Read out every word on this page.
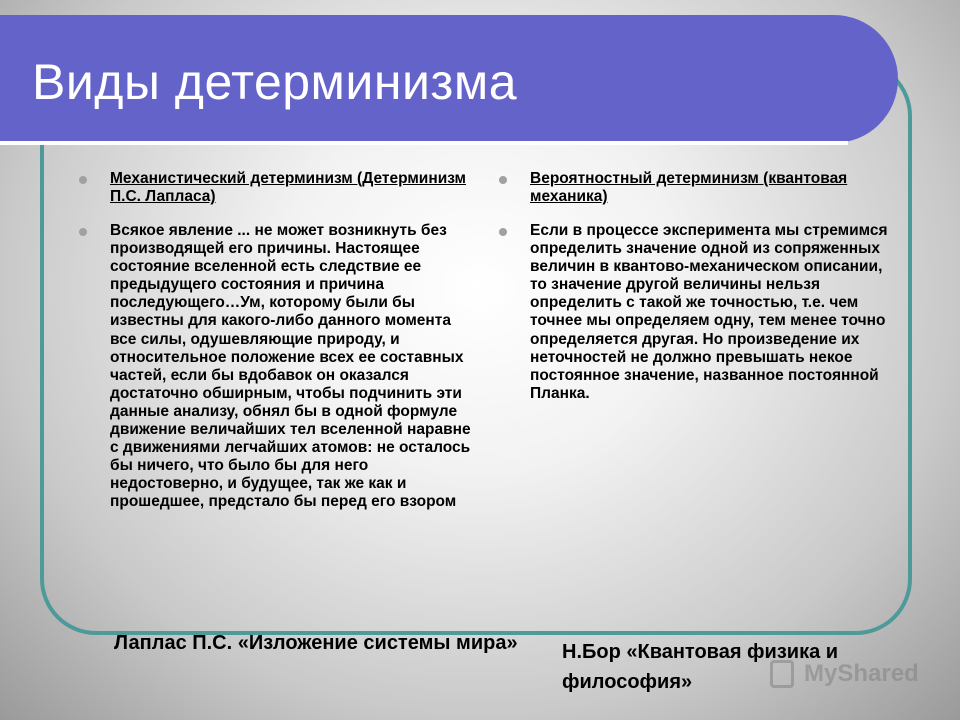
Виды детерминизма
Механистический детерминизм (Детерминизм П.С. Лапласа)
Всякое явление ... не может возникнуть без производящей его причины. Настоящее состояние вселенной есть следствие ее предыдущего состояния и причина последующего…Ум, которому были бы известны для какого-либо данного момента все силы, одушевляющие природу, и относительное положение всех ее составных частей, если бы вдобавок он оказался достаточно обширным, чтобы подчинить эти данные анализу, обнял бы в одной формуле движение величайших тел вселенной наравне с движениями легчайших атомов: не осталось бы ничего, что было бы для него недостоверно, и будущее, так же как и прошедшее, предстало бы перед его взором
Вероятностный детерминизм (квантовая механика)
Если в процессе эксперимента мы стремимся определить значение одной из сопряженных величин в квантово-механическом описании, то значение другой величины нельзя определить с такой же точностью, т.е. чем точнее мы определяем одну, тем менее точно определяется другая. Но произведение их неточностей не должно превышать некое постоянное значение, названное постоянной Планка.

Лаплас П.С. «Изложение системы мира»	Н.Бор «Квантовая физика и философия»	MyShared
